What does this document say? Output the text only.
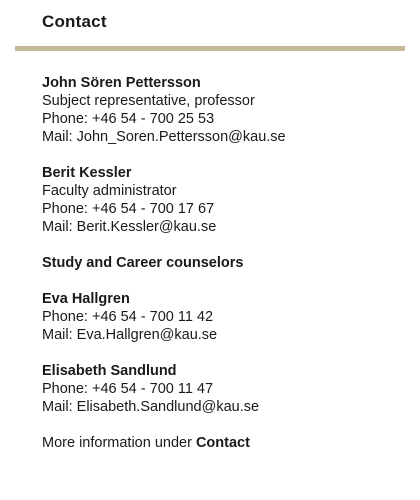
Contact
John Sören Pettersson
Subject representative, professor
Phone: +46 54 - 700 25 53
Mail: John_Soren.Pettersson@kau.se
Berit Kessler
Faculty administrator
Phone: +46 54 - 700 17 67
Mail: Berit.Kessler@kau.se
Study and Career counselors
Eva Hallgren
Phone: +46 54 - 700 11 42
Mail: Eva.Hallgren@kau.se
Elisabeth Sandlund
Phone: +46 54 - 700 11 47
Mail: Elisabeth.Sandlund@kau.se
More information under Contact
